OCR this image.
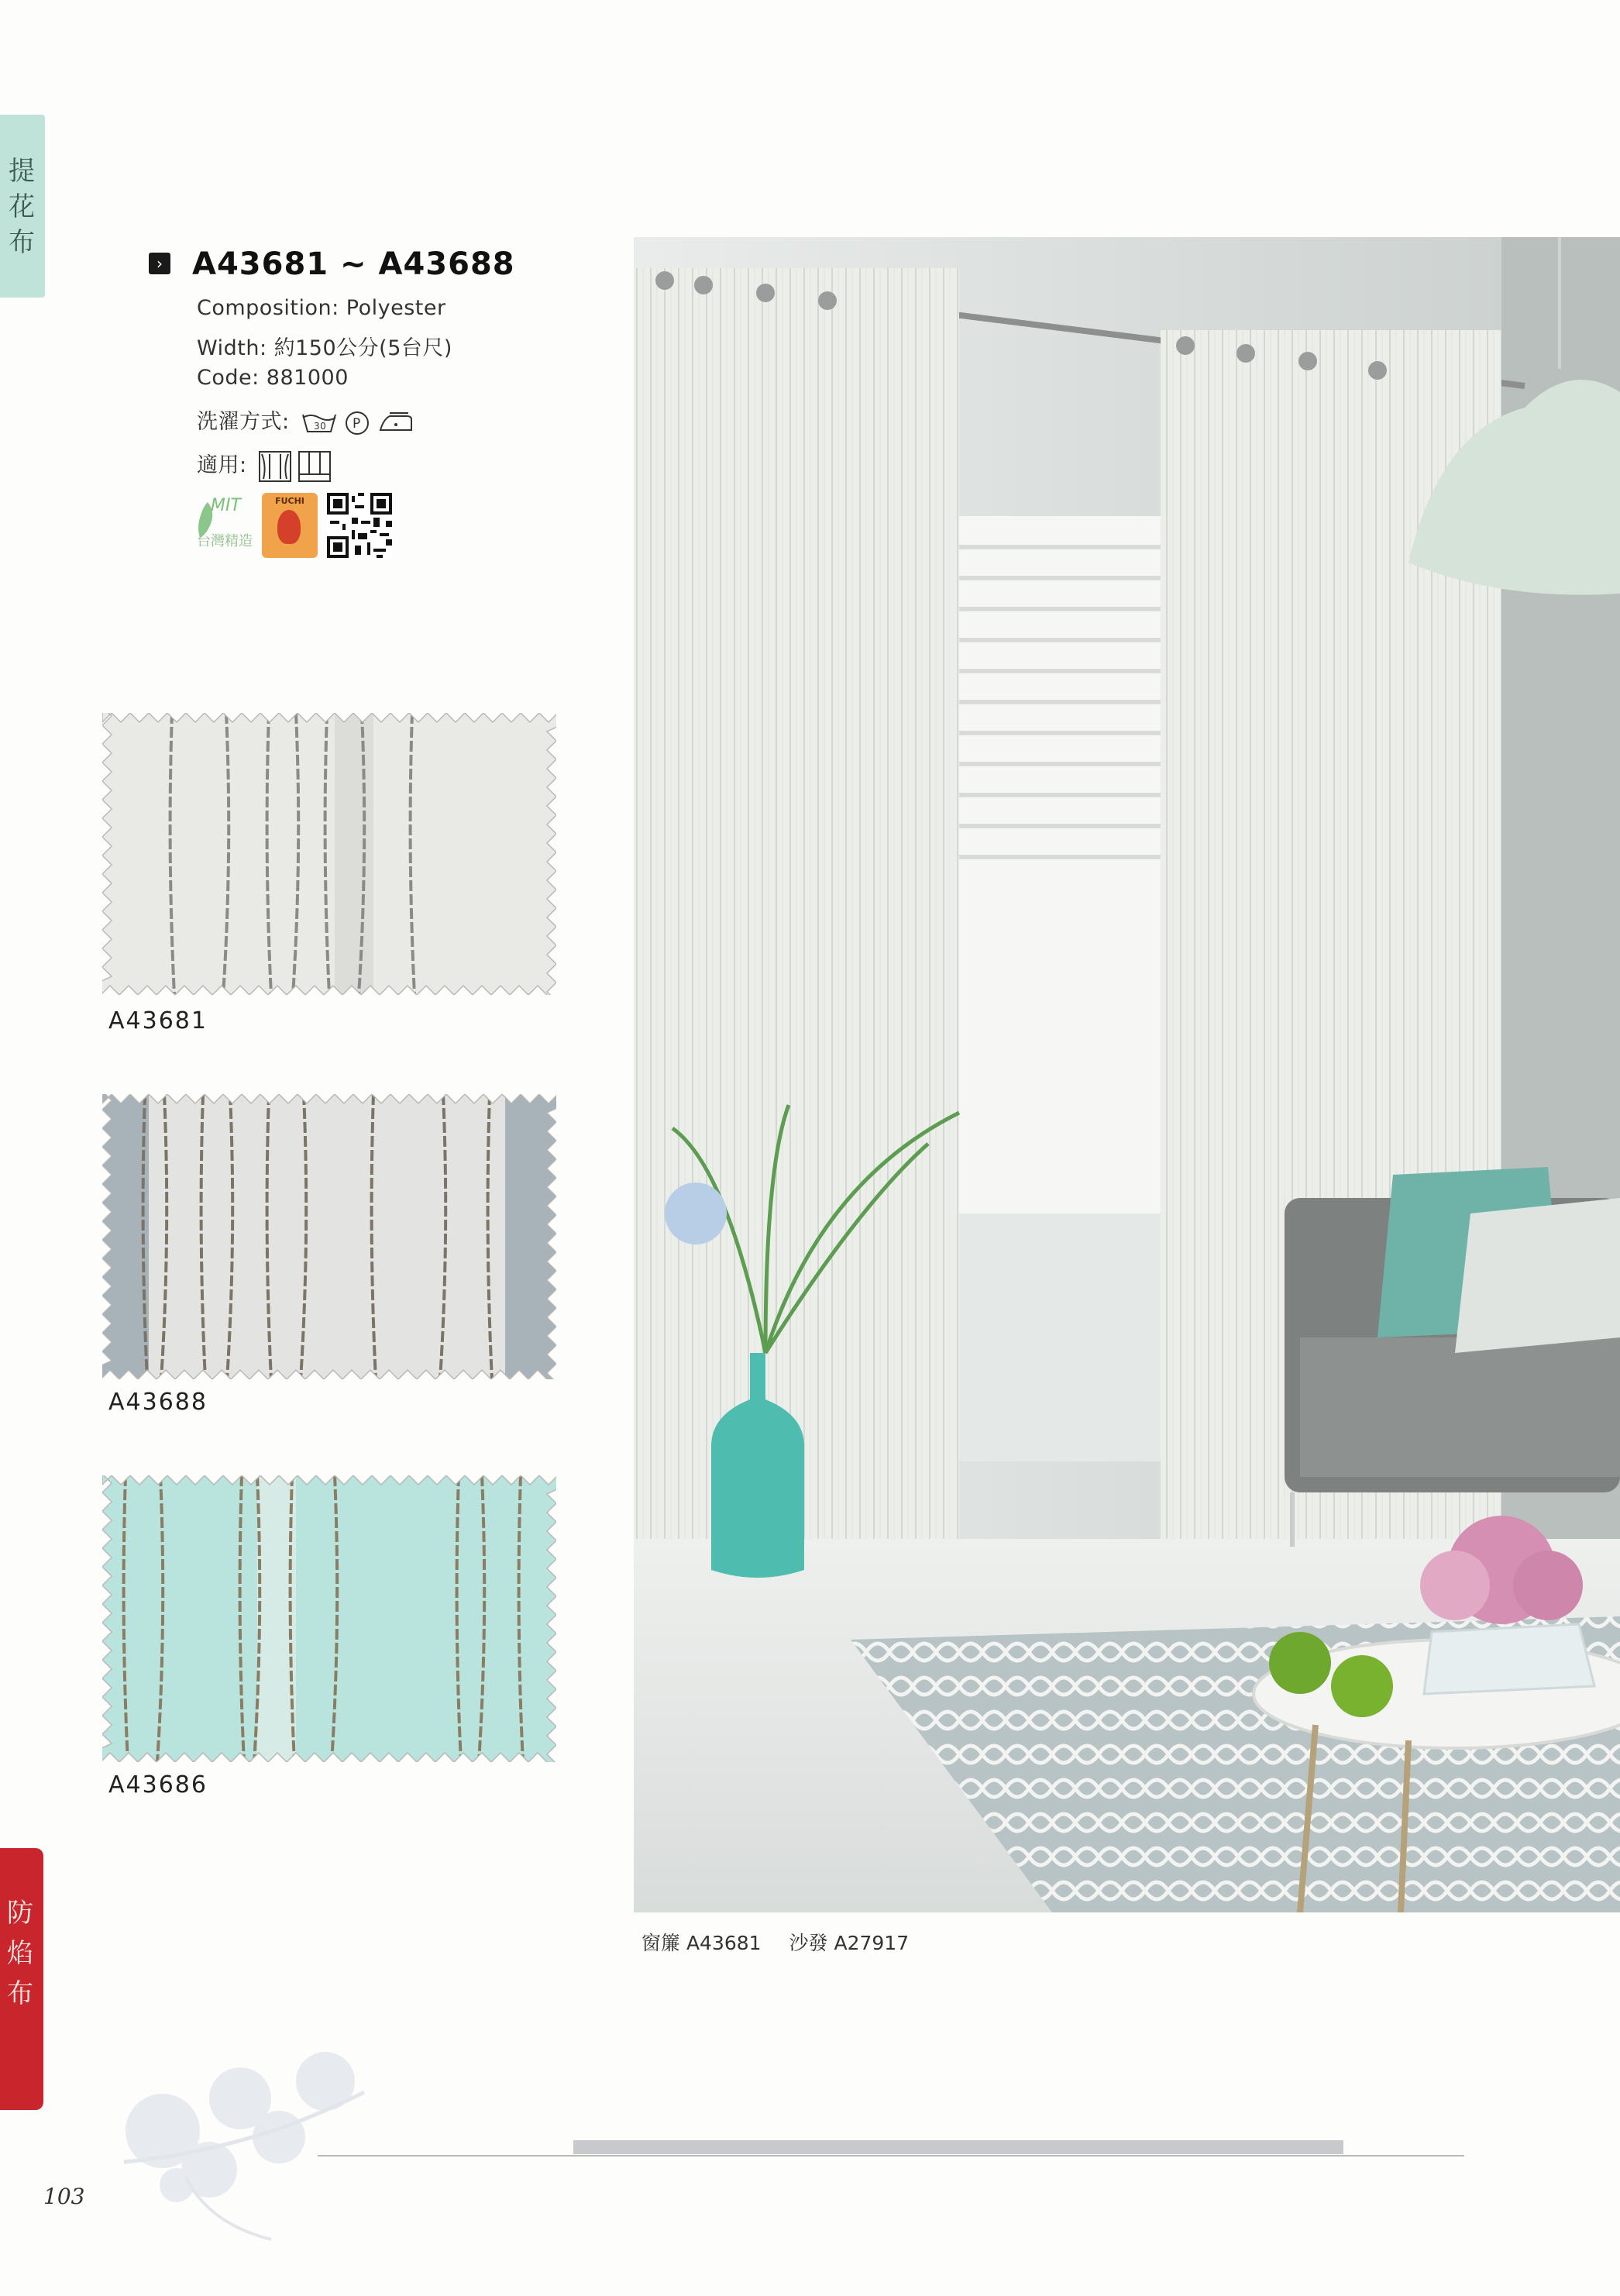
提
花
布
防
焰
布
› A43681 ~ A43688
Composition: Polyester
Width: 約150公分(5台尺)
Code: 881000
洗濯方式:	30
P

適用:
MIT
台灣精造
FUCHI
A43681
A43688
A43686
窗簾 A43681 沙發 A27917
103
